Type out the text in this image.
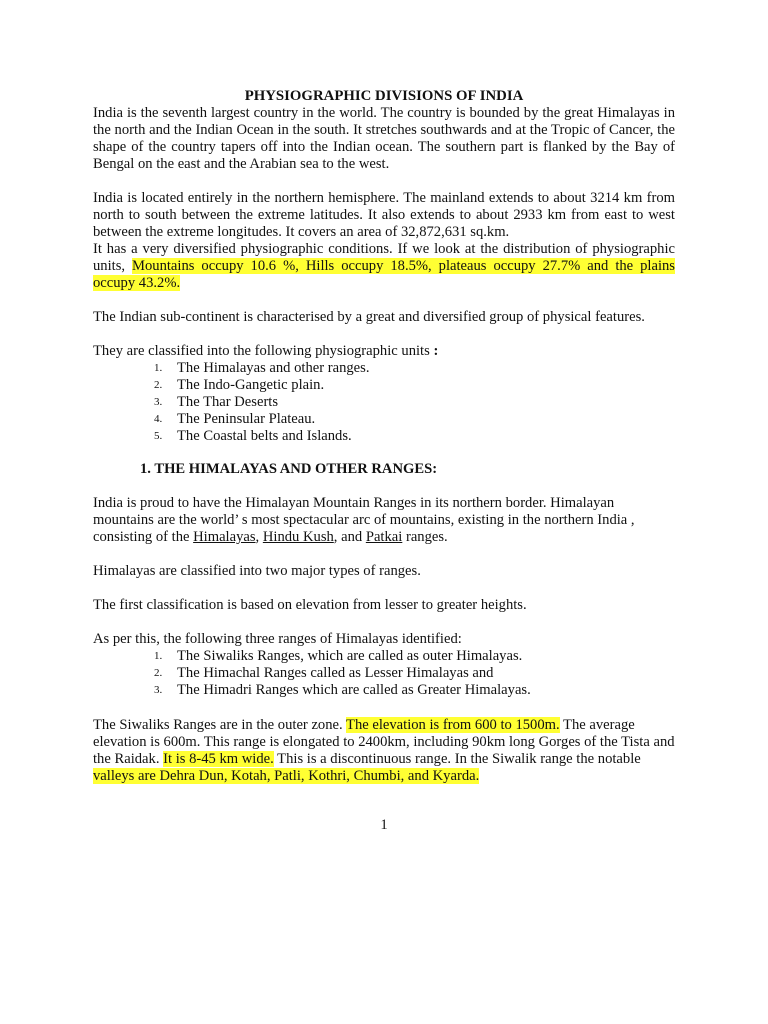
PHYSIOGRAPHIC DIVISIONS OF INDIA

India is the seventh largest country in the world. The country is bounded by the great Himalayas in the north and the Indian Ocean in the south. It stretches southwards and at the Tropic of Cancer, the shape of the country tapers off into the Indian ocean. The southern part is flanked by the Bay of Bengal on the east and the Arabian sea to the west.

India is located entirely in the northern hemisphere. The mainland extends to about 3214 km from north to south between the extreme latitudes. It also extends to about 2933 km from east to west between the extreme longitudes. It covers an area of 32,872,631 sq.km.

It has a very diversified physiographic conditions. If we look at the distribution of physiographic units, Mountains occupy 10.6 %, Hills occupy 18.5%, plateaus occupy 27.7% and the plains occupy 43.2%.

The Indian sub-continent is characterised by a great and diversified group of physical features.

They are classified into the following physiographic units :

1. The Himalayas and other ranges.
2. The Indo-Gangetic plain.
3. The Thar Deserts
4. The Peninsular Plateau.
5. The Coastal belts and Islands.

1. THE HIMALAYAS AND OTHER RANGES:

India is proud to have the Himalayan Mountain Ranges in its northern border. Himalayan mountains are the world’ s most spectacular arc of mountains, existing in the northern India , consisting of the Himalayas, Hindu Kush, and Patkai ranges.

Himalayas are classified into two major types of ranges.

The first classification is based on elevation from lesser to greater heights.

As per this, the following three ranges of Himalayas identified:

1. The Siwaliks Ranges, which are called as outer Himalayas.
2. The Himachal Ranges called as Lesser Himalayas and
3. The Himadri Ranges which are called as Greater Himalayas.

The Siwaliks Ranges are in the outer zone. The elevation is from 600 to 1500m. The average elevation is 600m. This range is elongated to 2400km, including 90km long Gorges of the Tista and the Raidak. It is 8-45 km wide. This is a discontinuous range. In the Siwalik range the notable valleys are Dehra Dun, Kotah, Patli, Kothri, Chumbi, and Kyarda.

1
